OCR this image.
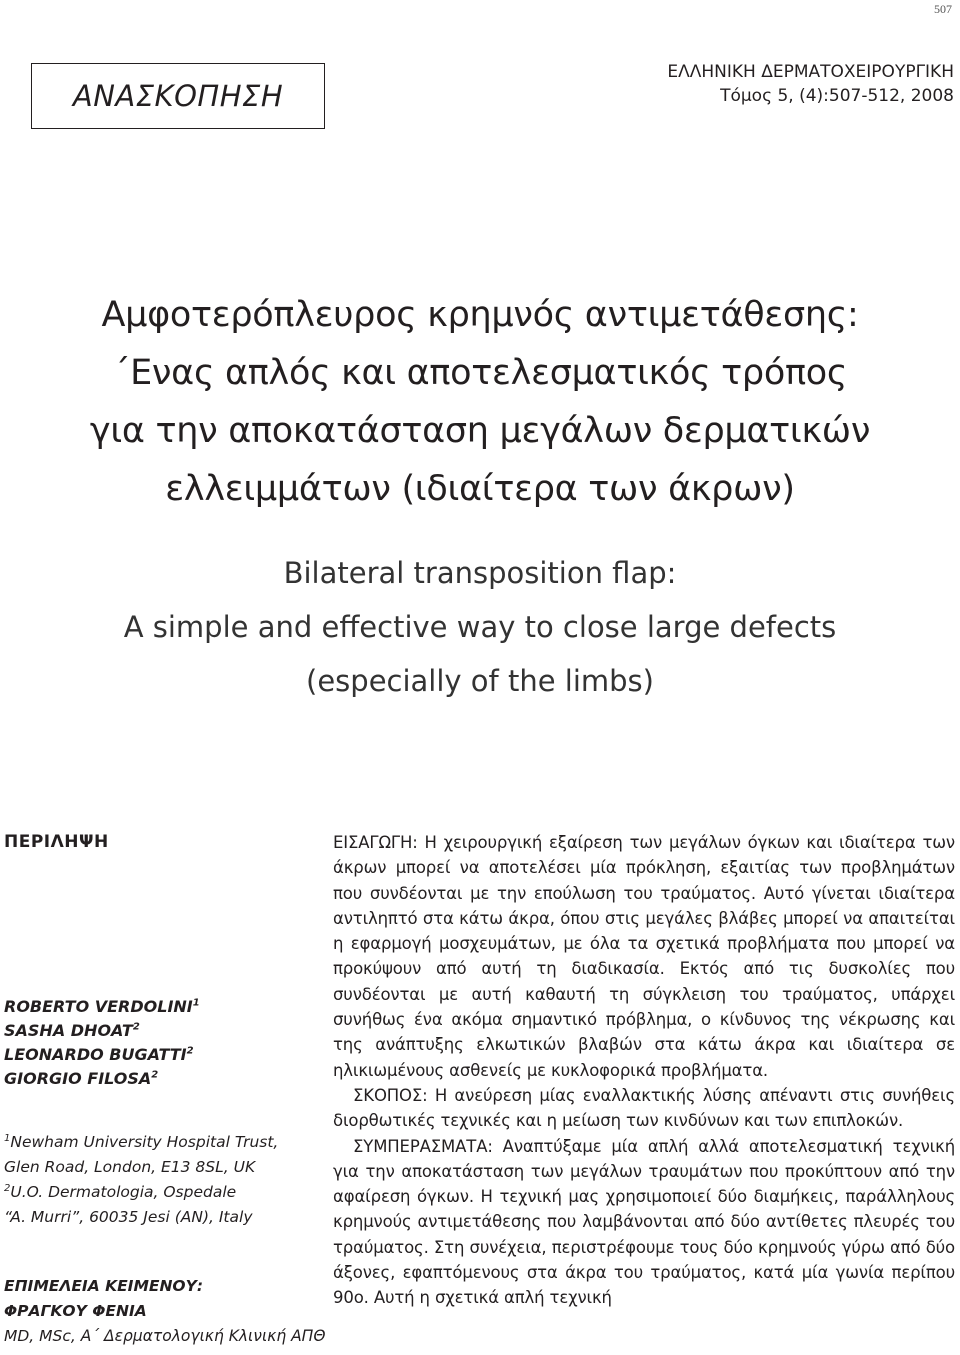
507
ΑΝΑΣΚΟΠΗΣΗ
ΕΛΛΗΝΙΚΗ ΔΕΡΜΑΤΟΧΕΙΡΟΥΡΓΙΚΗ
Τόμος 5, (4):507-512, 2008
Αμφοτερόπλευρος κρημνός αντιμετάθεσης:
΄Ενας απλός και αποτελεσματικός τρόπος
για την αποκατάσταση μεγάλων δερματικών
ελλειμμάτων (ιδιαίτερα των άκρων)
Bilateral transposition flap:
A simple and effective way to close large defects
(especially of the limbs)
ΠΕΡΙΛΗΨΗ
ROBERTO VERDOLINI$^1$
SASHA DHOAT$^2$
LEONARDO BUGATTI$^2$
GIORGIO FILOSA$^2$
$^1$Newham University Hospital Trust,
Glen Road, London, E13 8SL, UK
$^2$U.O. Dermatologia, Ospedale
“A. Murri”, 60035 Jesi (AN), Italy
ΕΠΙΜΕΛΕΙΑ ΚΕΙΜΕΝΟΥ:
ΦΡΑΓΚΟΥ ΦΕΝΙΑ
MD, MSc, Α΄ Δερματολογική Κλινική ΑΠΘ

ΕΙΣΑΓΩΓΗ: Η χειρουργική εξαίρεση των μεγάλων όγκων και ιδιαίτερα των άκρων μπορεί να αποτελέσει μία πρόκληση, εξαιτίας των προβλημάτων που συνδέονται με την επούλωση του τραύματος. Αυτό γίνεται ιδιαίτερα αντιληπτό στα κάτω άκρα, όπου στις μεγάλες βλάβες μπορεί να απαιτείται η εφαρμογή μοσχευμάτων, με όλα τα σχετικά προβλήματα που μπορεί να προκύψουν από αυτή τη διαδικασία. Εκτός από τις δυσκολίες που συνδέονται με αυτή καθαυτή τη σύγκλειση του τραύματος, υπάρχει συνήθως ένα ακόμα σημαντικό πρόβλημα, ο κίνδυνος της νέκρωσης και της ανάπτυξης ελκωτικών βλαβών στα κάτω άκρα και ιδιαίτερα σε ηλικιωμένους ασθενείς με κυκλοφορικά προβλήματα.

ΣΚΟΠΟΣ: Η ανεύρεση μίας εναλλακτικής λύσης απέναντι στις συνήθεις διορθωτικές τεχνικές και η μείωση των κινδύνων και των επιπλοκών.

ΣΥΜΠΕΡΑΣΜΑΤΑ: Αναπτύξαμε μία απλή αλλά αποτελεσματική τεχνική για την αποκατάσταση των μεγάλων τραυμάτων που προκύπτουν από την αφαίρεση όγκων. Η τεχνική μας χρησιμοποιεί δύο διαμήκεις, παράλληλους κρημνούς αντιμετάθεσης που λαμβάνονται από δύο αντίθετες πλευρές του τραύματος. Στη συνέχεια, περιστρέφουμε τους δύο κρημνούς γύρω από δύο άξονες, εφαπτόμενους στα άκρα του τραύματος, κατά μία γωνία περίπου 90ο. Αυτή η σχετικά απλή τεχνική
